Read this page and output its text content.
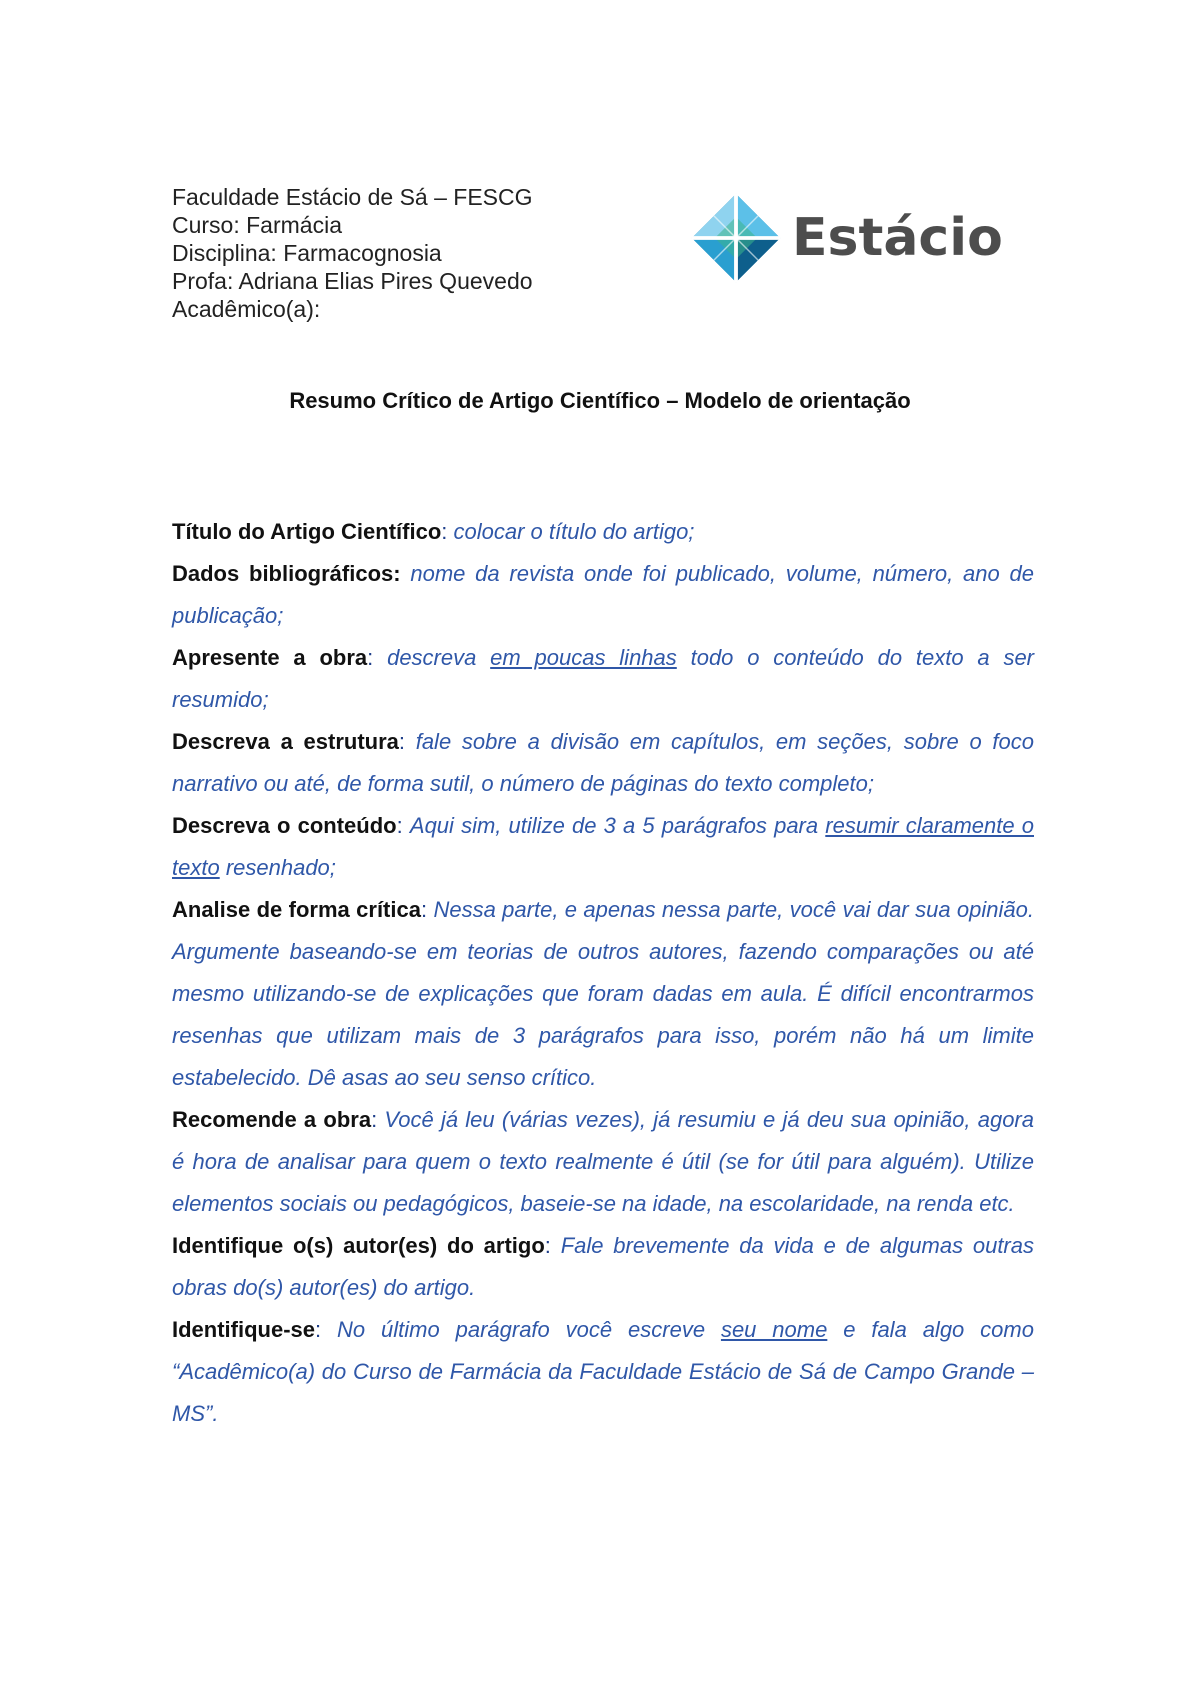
Faculdade Estácio de Sá – FESCG
Curso: Farmácia
Disciplina: Farmacognosia
Profa: Adriana Elias Pires Quevedo
Acadêmico(a):
Estácio
Resumo Crítico de Artigo Científico – Modelo de orientação

Título do Artigo Científico: colocar o título do artigo;

Dados bibliográficos: nome da revista onde foi publicado, volume, número, ano de publicação;

Apresente a obra: descreva em poucas linhas todo o conteúdo do texto a ser resumido;

Descreva a estrutura: fale sobre a divisão em capítulos, em seções, sobre o foco narrativo ou até, de forma sutil, o número de páginas do texto completo;

Descreva o conteúdo: Aqui sim, utilize de 3 a 5 parágrafos para resumir claramente o texto resenhado;

Analise de forma crítica: Nessa parte, e apenas nessa parte, você vai dar sua opinião. Argumente baseando-se em teorias de outros autores, fazendo comparações ou até mesmo utilizando-se de explicações que foram dadas em aula. É difícil encontrarmos resenhas que utilizam mais de 3 parágrafos para isso, porém não há um limite estabelecido. Dê asas ao seu senso crítico.

Recomende a obra: Você já leu (várias vezes), já resumiu e já deu sua opinião, agora é hora de analisar para quem o texto realmente é útil (se for útil para alguém). Utilize elementos sociais ou pedagógicos, baseie-se na idade, na escolaridade, na renda etc.

Identifique o(s) autor(es) do artigo: Fale brevemente da vida e de algumas outras obras do(s) autor(es) do artigo.

Identifique-se: No último parágrafo você escreve seu nome e fala algo como “Acadêmico(a) do Curso de Farmácia da Faculdade Estácio de Sá de Campo Grande – MS”.
